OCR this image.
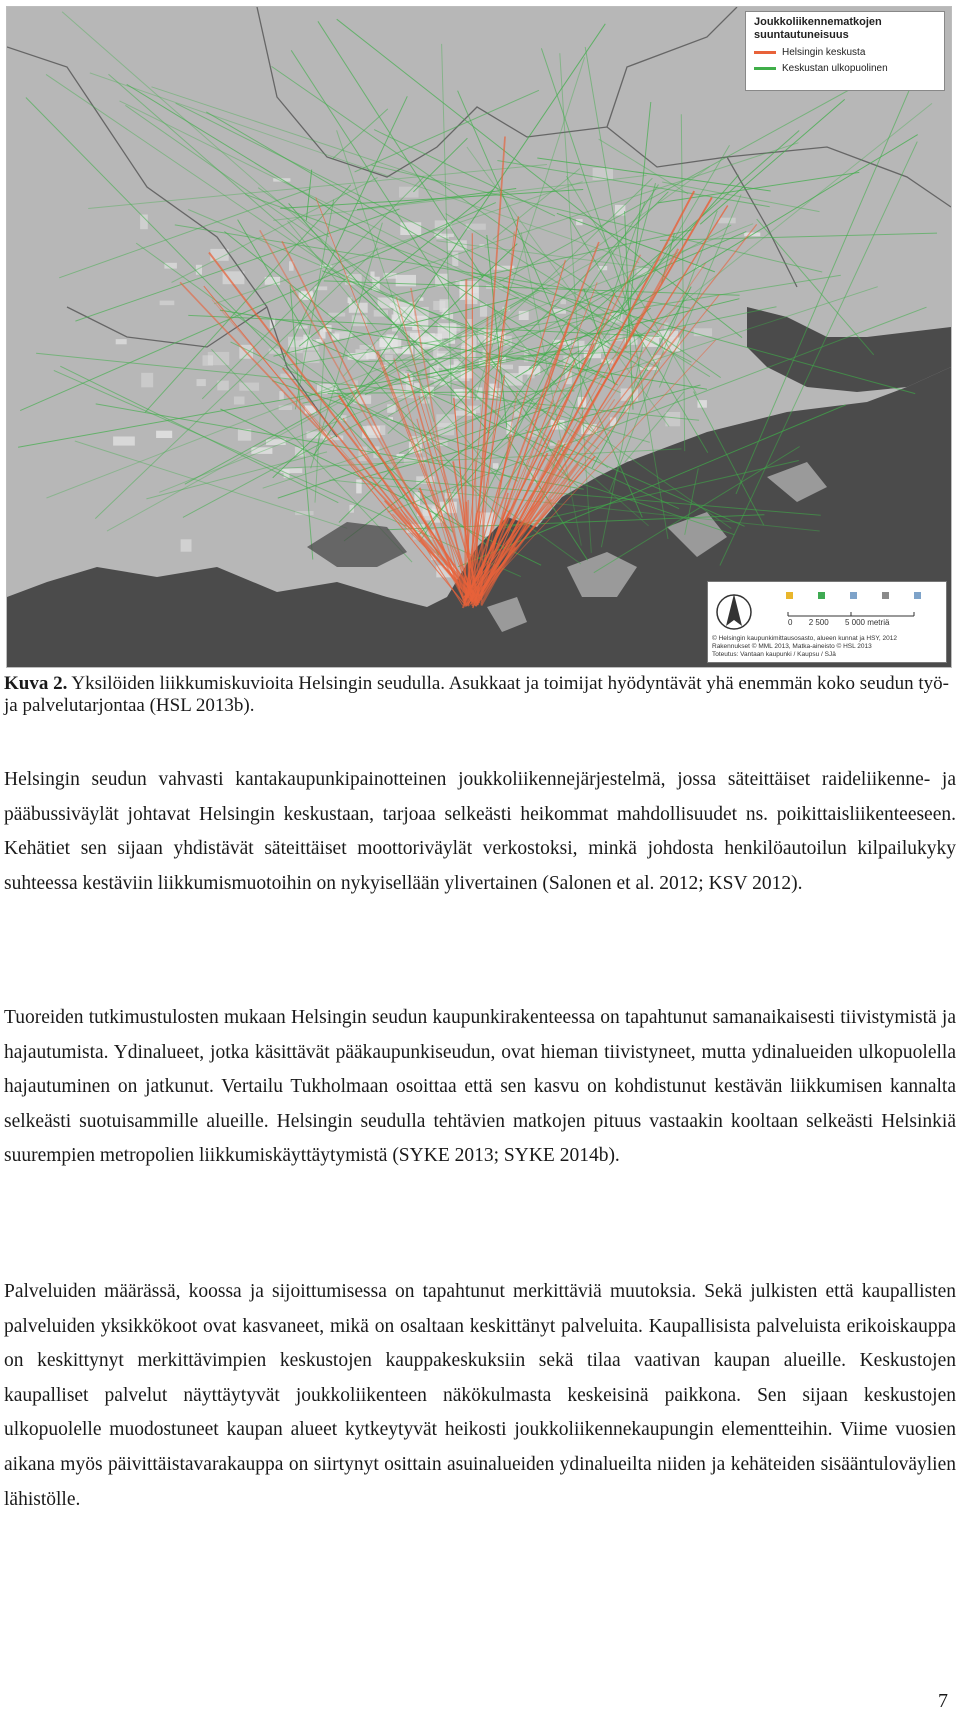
Joukkoliikennematkojen suuntautuneisuus
Helsingin keskusta
Keskustan ulkopuolinen
0 2 500 5 000 metriä
© Helsingin kaupunkimittausosasto, alueen kunnat ja HSY, 2012
Rakennukset © MML 2013, Matka-aineisto © HSL 2013
Toteutus: Vantaan kaupunki / Kaupsu / SJä
Kuva 2. Yksilöiden liikkumiskuvioita Helsingin seudulla. Asukkaat ja toimijat hyödyntävät yhä enemmän koko seudun työ- ja palvelutarjontaa (HSL 2013b).

Helsingin seudun vahvasti kantakaupunkipainotteinen joukkoliikennejärjestelmä, jossa säteittäiset raideliikenne- ja pääbussiväylät johtavat Helsingin keskustaan, tarjoaa selkeästi heikommat mahdollisuudet ns. poikittaisliikenteeseen. Kehätiet sen sijaan yhdistävät säteittäiset moottoriväylät verkostoksi, minkä johdosta henkilöautoilun kilpailukyky suhteessa kestäviin liikkumismuotoihin on nykyisellään ylivertainen (Salonen et al. 2012; KSV 2012).

Tuoreiden tutkimustulosten mukaan Helsingin seudun kaupunkirakenteessa on tapahtunut samanaikaisesti tiivistymistä ja hajautumista. Ydinalueet, jotka käsittävät pääkaupunkiseudun, ovat hieman tiivistyneet, mutta ydinalueiden ulkopuolella hajautuminen on jatkunut. Vertailu Tukholmaan osoittaa että sen kasvu on kohdistunut kestävän liikkumisen kannalta selkeästi suotuisammille alueille. Helsingin seudulla tehtävien matkojen pituus vastaakin kooltaan selkeästi Helsinkiä suurempien metropolien liikkumiskäyttäytymistä (SYKE 2013; SYKE 2014b).

Palveluiden määrässä, koossa ja sijoittumisessa on tapahtunut merkittäviä muutoksia. Sekä julkisten että kaupallisten palveluiden yksikkökoot ovat kasvaneet, mikä on osaltaan keskittänyt palveluita. Kaupallisista palveluista erikoiskauppa on keskittynyt merkittävimpien keskustojen kauppakeskuksiin sekä tilaa vaativan kaupan alueille. Keskustojen kaupalliset palvelut näyttäytyvät joukkoliikenteen näkökulmasta keskeisinä paikkona. Sen sijaan keskustojen ulkopuolelle muodostuneet kaupan alueet kytkeytyvät heikosti joukkoliikennekaupungin elementteihin. Viime vuosien aikana myös päivittäistavarakauppa on siirtynyt osittain asuinalueiden ydinalueilta niiden ja kehäteiden sisääntuloväylien lähistölle.

7
